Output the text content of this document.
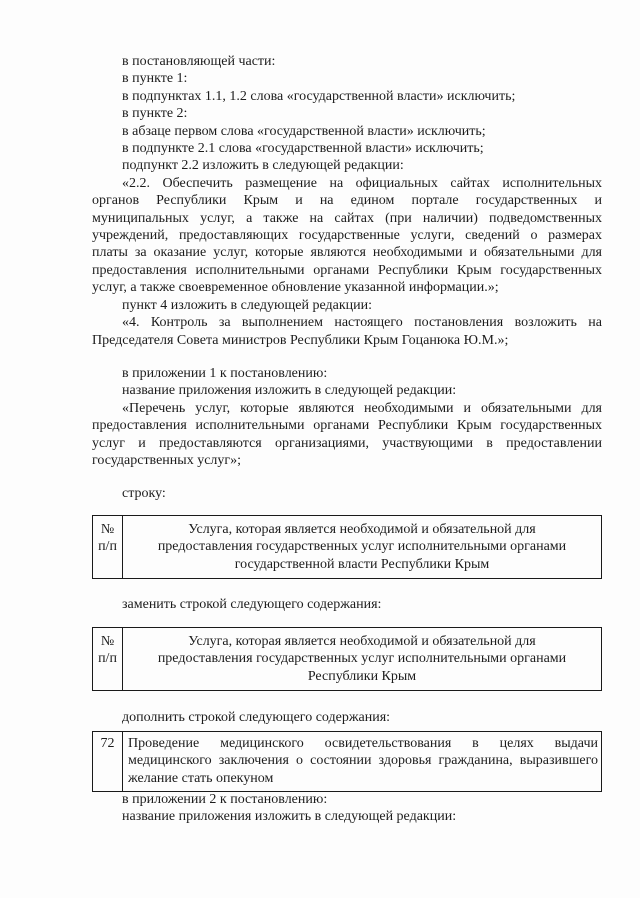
в постановляющей части:
в пункте 1:
в подпунктах 1.1, 1.2 слова «государственной власти» исключить;
в пункте 2:
в абзаце первом слова «государственной власти» исключить;
в подпункте 2.1 слова «государственной власти» исключить;
подпункт 2.2 изложить в следующей редакции:
«2.2. Обеспечить размещение на официальных сайтах исполнительных
органов Республики Крым и на едином портале государственных и
муниципальных услуг, а также на сайтах (при наличии) подведомственных
учреждений, предоставляющих государственные услуги, сведений о размерах
платы за оказание услуг, которые являются необходимыми и обязательными для
предоставления исполнительными органами Республики Крым государственных
услуг, а также своевременное обновление указанной информации.»;
пункт 4 изложить в следующей редакции:
«4. Контроль за выполнением настоящего постановления возложить на
Председателя Совета министров Республики Крым Гоцанюка Ю.М.»;
в приложении 1 к постановлению:
название приложения изложить в следующей редакции:
«Перечень услуг, которые являются необходимыми и обязательными для
предоставления исполнительными органами Республики Крым государственных
услуг и предоставляются организациями, участвующими в предоставлении
государственных услуг»;
строку:
№
п/п
Услуга, которая является необходимой и обязательной для
предоставления государственных услуг исполнительными органами
государственной власти Республики Крым
заменить строкой следующего содержания:
№
п/п
Услуга, которая является необходимой и обязательной для
предоставления государственных услуг исполнительными органами
Республики Крым
дополнить строкой следующего содержания:
72 Проведение медицинского освидетельствования в целях выдачи
медицинского заключения о состоянии здоровья гражданина, выразившего
желание стать опекуном
в приложении 2 к постановлению:
название приложения изложить в следующей редакции:
